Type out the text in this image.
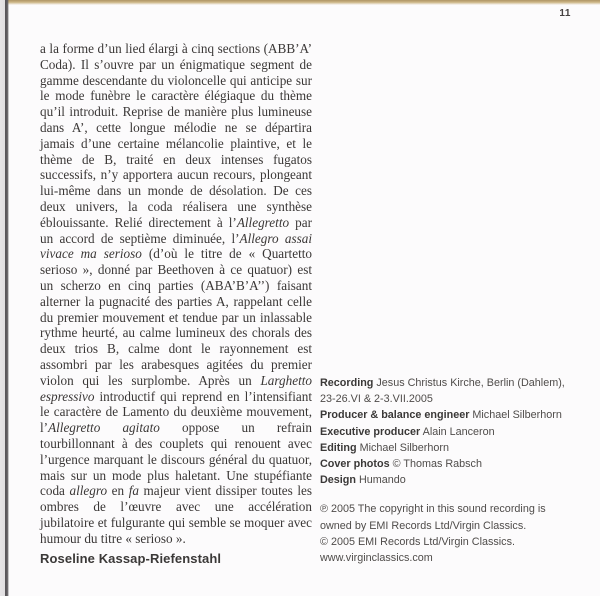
11
a la forme d’un lied élargi à cinq sections (ABB’A’ Coda). Il s’ouvre par un énigmatique segment de gamme descendante du violoncelle qui anticipe sur le mode funèbre le caractère élégiaque du thème qu’il introduit. Reprise de manière plus lumineuse dans A’, cette longue mélodie ne se départira jamais d’une certaine mélancolie plaintive, et le thème de B, traité en deux intenses fugatos successifs, n’y apportera aucun recours, plongeant lui-même dans un monde de désolation. De ces deux univers, la coda réalisera une synthèse éblouissante. Relié directement à l’Allegretto par un accord de septième diminuée, l’Allegro assai vivace ma serioso (d’où le titre de « Quartetto serioso », donné par Beethoven à ce quatuor) est un scherzo en cinq parties (ABA’B’A’’) faisant alterner la pugnacité des parties A, rappelant celle du premier mouvement et tendue par un inlassable rythme heurté, au calme lumineux des chorals des deux trios B, calme dont le rayonnement est assombri par les arabesques agitées du premier violon qui les surplombe. Après un Larghetto espressivo introductif qui reprend en l’intensifiant le caractère de Lamento du deuxième mouvement, l’Allegretto agitato oppose un refrain tourbillonnant à des couplets qui renouent avec l’urgence marquant le discours général du quatuor, mais sur un mode plus haletant. Une stupéfiante coda allegro en fa majeur vient dissiper toutes les ombres de l’œuvre avec une accélération jubilatoire et fulgurante qui semble se moquer avec humour du titre « serioso ».
Roseline Kassap-Riefenstahl
Recording Jesus Christus Kirche, Berlin (Dahlem), 23-26.VI & 2-3.VII.2005
Producer & balance engineer Michael Silberhorn
Executive producer Alain Lanceron
Editing Michael Silberhorn
Cover photos © Thomas Rabsch
Design Humando
℗ 2005 The copyright in this sound recording is owned by EMI Records Ltd/Virgin Classics.
© 2005 EMI Records Ltd/Virgin Classics.
www.virginclassics.com
